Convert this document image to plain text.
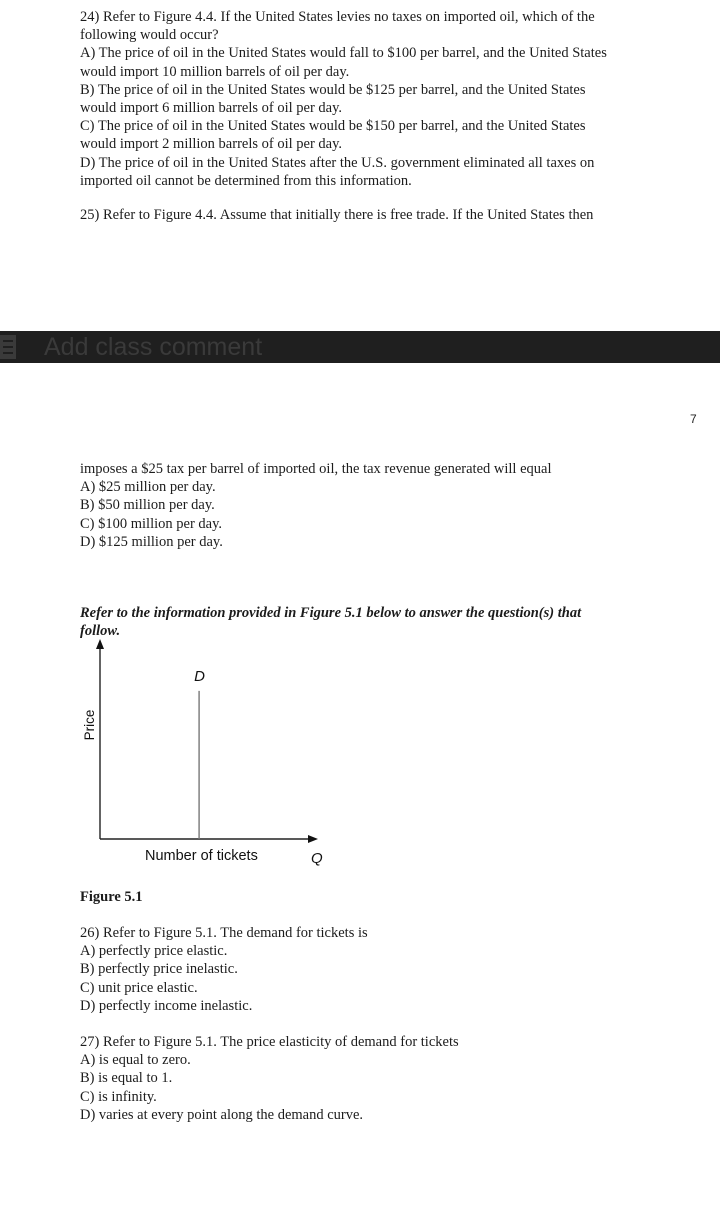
24) Refer to Figure 4.4. If the United States levies no taxes on imported oil, which of the
following would occur?
A) The price of oil in the United States would fall to $100 per barrel, and the United States
would import 10 million barrels of oil per day.
B) The price of oil in the United States would be $125 per barrel, and the United States
would import 6 million barrels of oil per day.
C) The price of oil in the United States would be $150 per barrel, and the United States
would import 2 million barrels of oil per day.
D) The price of oil in the United States after the U.S. government eliminated all taxes on
imported oil cannot be determined from this information.
25) Refer to Figure 4.4. Assume that initially there is free trade. If the United States then
Add class comment
7
imposes a $25 tax per barrel of imported oil, the tax revenue generated will equal
A) $25 million per day.
B) $50 million per day.
C) $100 million per day.
D) $125 million per day.
Refer to the information provided in Figure 5.1 below to answer the question(s) that
follow.
D
Number of tickets	Q
Price
Figure 5.1
26) Refer to Figure 5.1. The demand for tickets is
A) perfectly price elastic.
B) perfectly price inelastic.
C) unit price elastic.
D) perfectly income inelastic.
27) Refer to Figure 5.1. The price elasticity of demand for tickets
A) is equal to zero.
B) is equal to 1.
C) is infinity.
D) varies at every point along the demand curve.
